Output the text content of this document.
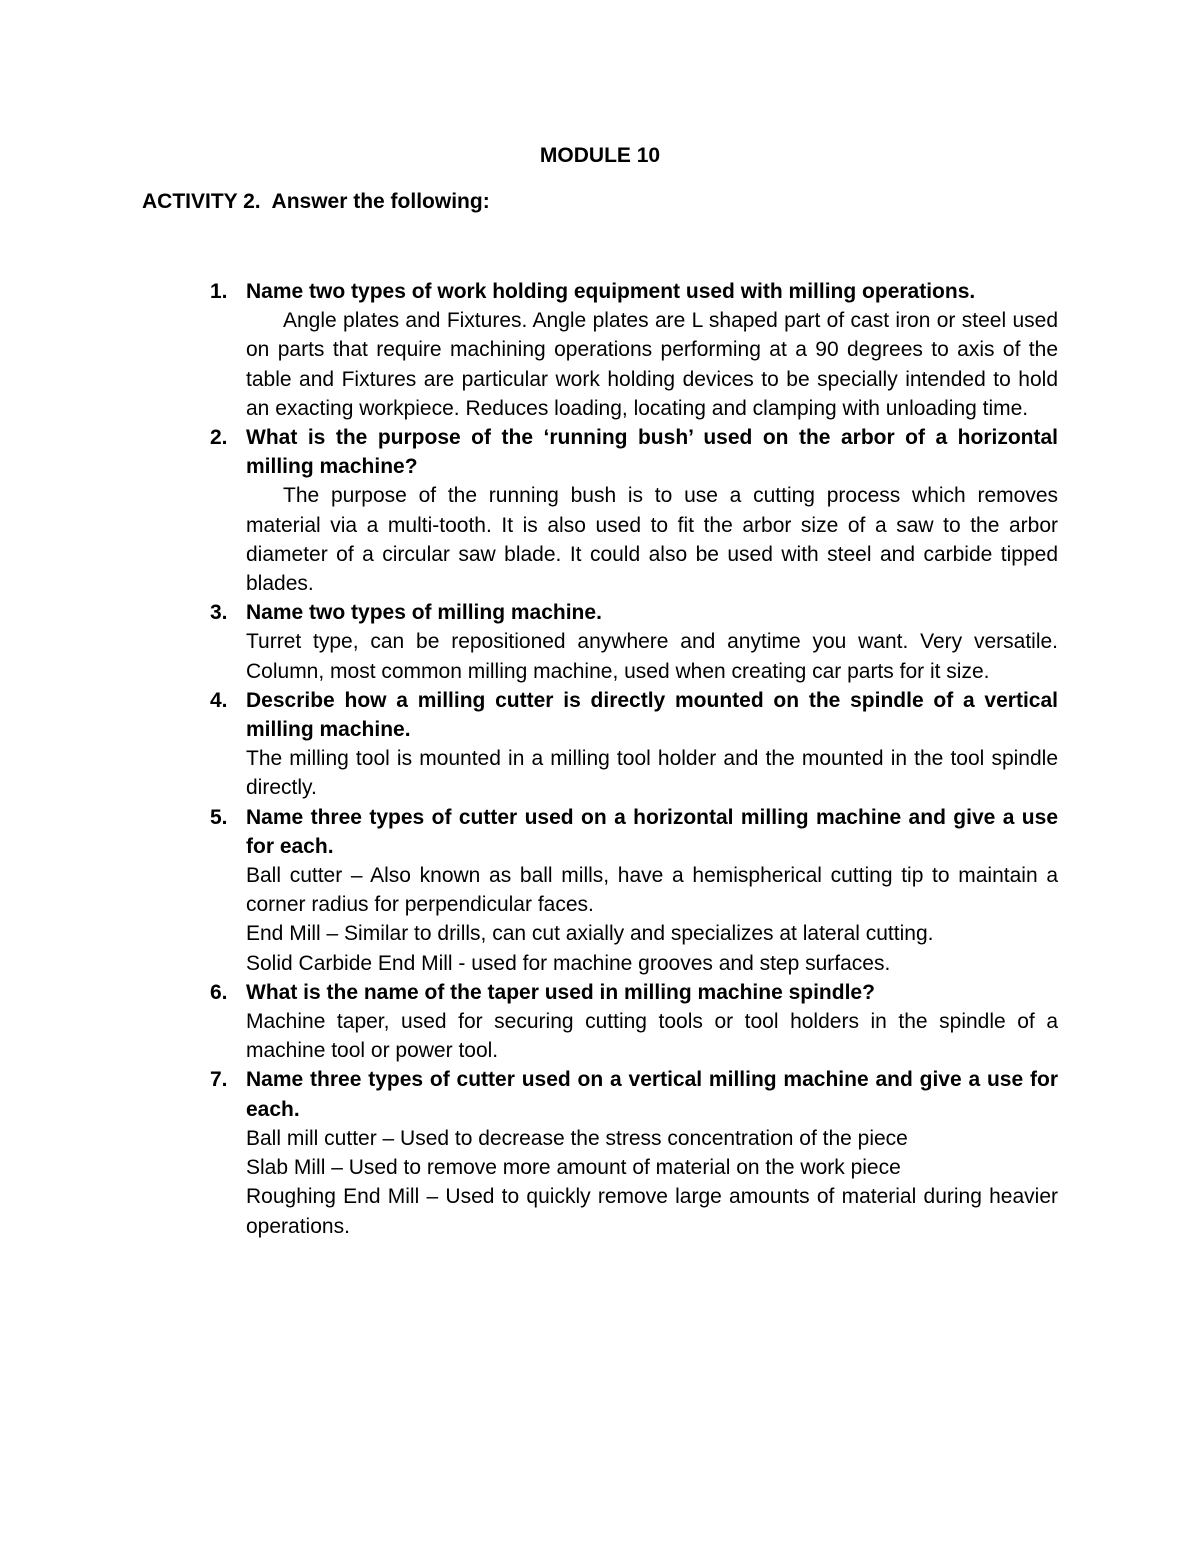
MODULE 10
ACTIVITY 2.  Answer the following:
1. Name two types of work holding equipment used with milling operations.
Angle plates and Fixtures. Angle plates are L shaped part of cast iron or steel used on parts that require machining operations performing at a 90 degrees to axis of the table and Fixtures are particular work holding devices to be specially intended to hold an exacting workpiece. Reduces loading, locating and clamping with unloading time.
2. What is the purpose of the ‘running bush’ used on the arbor of a horizontal milling machine?
The purpose of the running bush is to use a cutting process which removes material via a multi-tooth. It is also used to fit the arbor size of a saw to the arbor diameter of a circular saw blade. It could also be used with steel and carbide tipped blades.
3. Name two types of milling machine.
Turret type, can be repositioned anywhere and anytime you want. Very versatile. Column, most common milling machine, used when creating car parts for it size.
4. Describe how a milling cutter is directly mounted on the spindle of a vertical milling machine.
The milling tool is mounted in a milling tool holder and the mounted in the tool spindle directly.
5. Name three types of cutter used on a horizontal milling machine and give a use for each.
Ball cutter – Also known as ball mills, have a hemispherical cutting tip to maintain a corner radius for perpendicular faces.
End Mill – Similar to drills, can cut axially and specializes at lateral cutting.
Solid Carbide End Mill - used for machine grooves and step surfaces.
6. What is the name of the taper used in milling machine spindle?
Machine taper, used for securing cutting tools or tool holders in the spindle of a machine tool or power tool.
7. Name three types of cutter used on a vertical milling machine and give a use for each.
Ball mill cutter – Used to decrease the stress concentration of the piece
Slab Mill – Used to remove more amount of material on the work piece
Roughing End Mill – Used to quickly remove large amounts of material during heavier operations.
